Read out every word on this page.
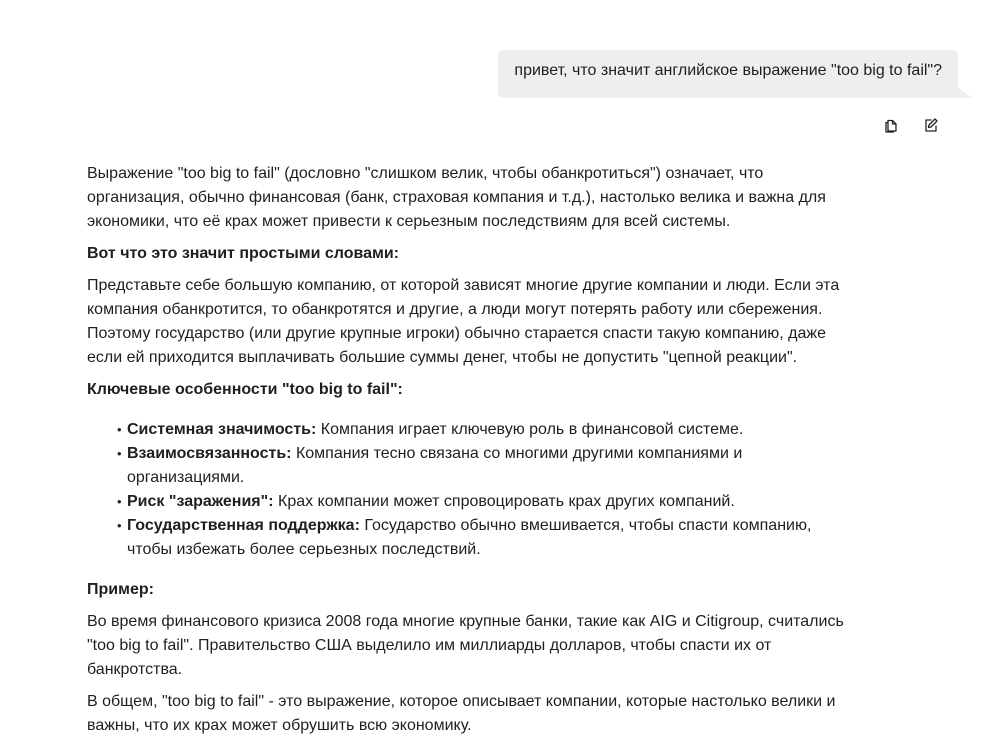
привет, что значит английское выражение "too big to fail"?

Выражение "too big to fail" (дословно "слишком велик, чтобы обанкротиться") означает, что организация, обычно финансовая (банк, страховая компания и т.д.), настолько велика и важна для экономики, что её крах может привести к серьезным последствиям для всей системы.

Вот что это значит простыми словами:

Представьте себе большую компанию, от которой зависят многие другие компании и люди. Если эта компания обанкротится, то обанкротятся и другие, а люди могут потерять работу или сбережения. Поэтому государство (или другие крупные игроки) обычно старается спасти такую компанию, даже если ей приходится выплачивать большие суммы денег, чтобы не допустить "цепной реакции".

Ключевые особенности "too big to fail":

• Системная значимость: Компания играет ключевую роль в финансовой системе.
• Взаимосвязанность: Компания тесно связана со многими другими компаниями и организациями.
• Риск "заражения": Крах компании может спровоцировать крах других компаний.
• Государственная поддержка: Государство обычно вмешивается, чтобы спасти компанию, чтобы избежать более серьезных последствий.

Пример:

Во время финансового кризиса 2008 года многие крупные банки, такие как AIG и Citigroup, считались "too big to fail". Правительство США выделило им миллиарды долларов, чтобы спасти их от банкротства.

В общем, "too big to fail" - это выражение, которое описывает компании, которые настолько велики и важны, что их крах может обрушить всю экономику.
